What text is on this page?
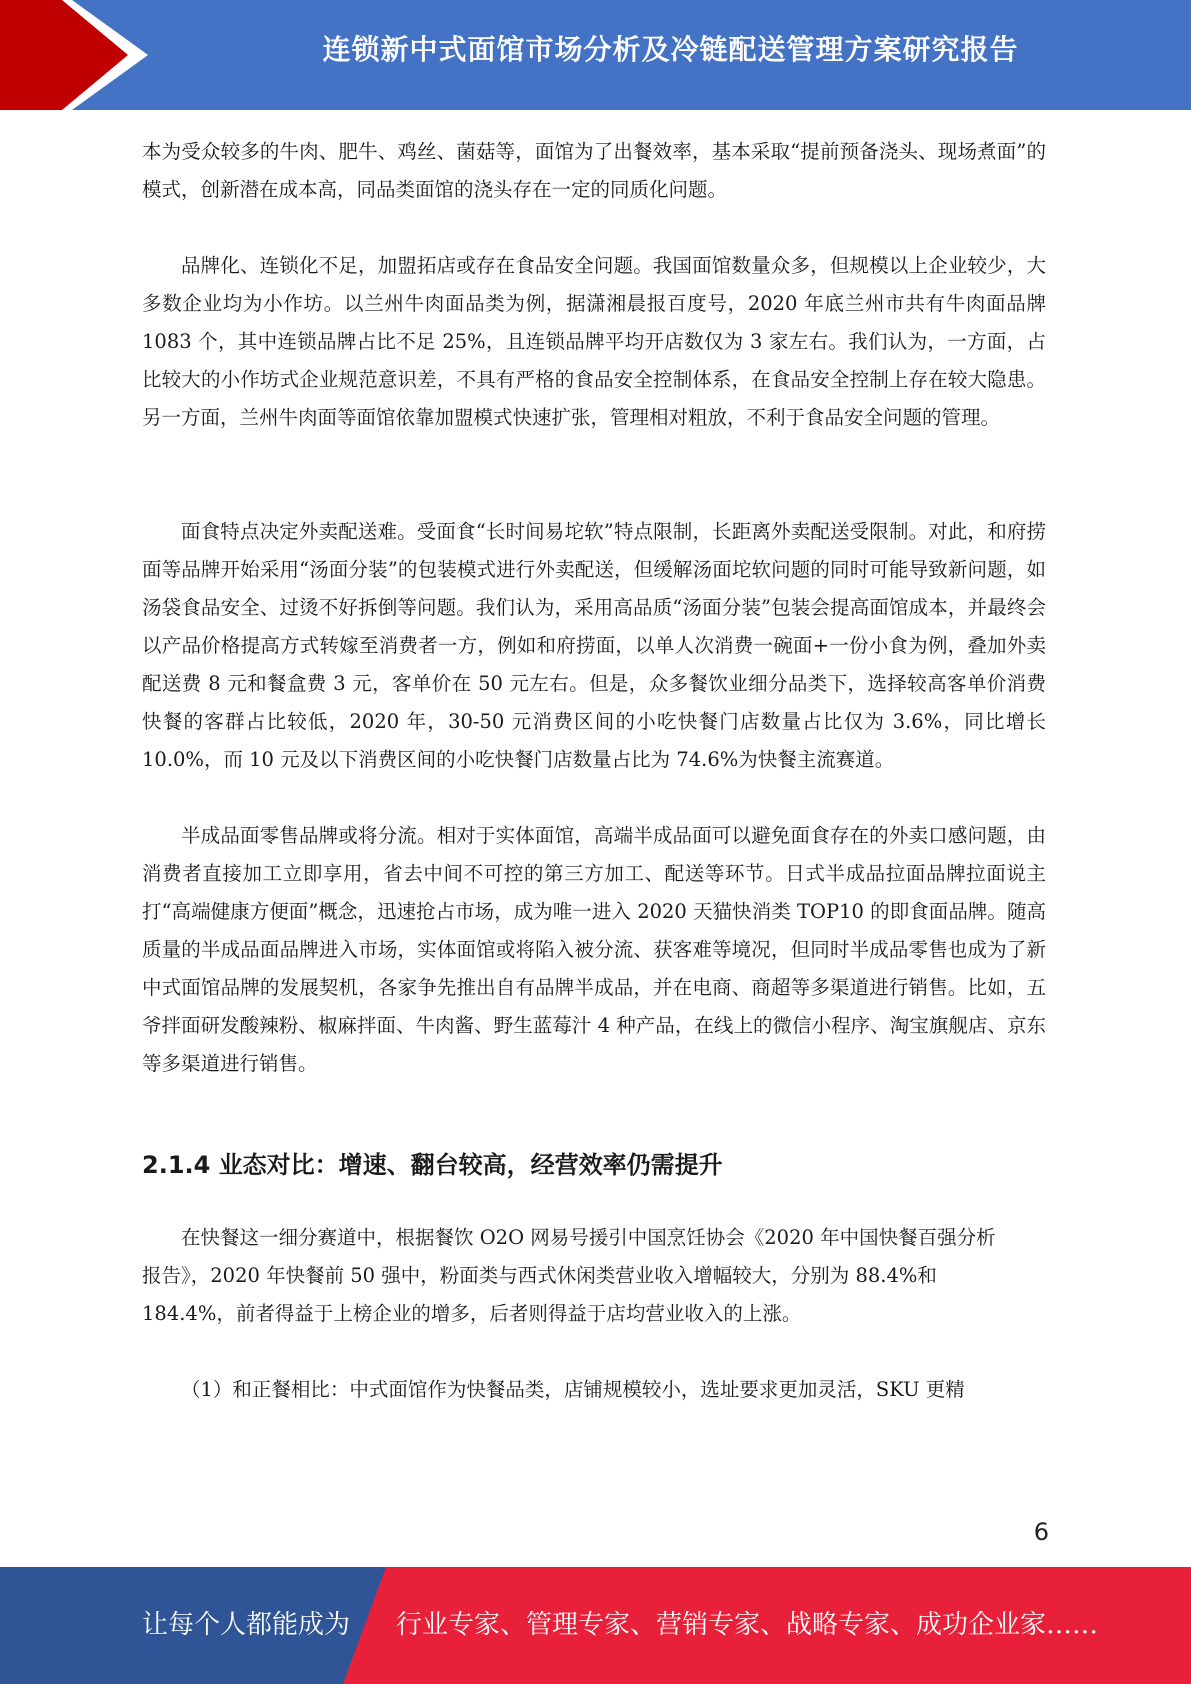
连锁新中式面馆市场分析及冷链配送管理方案研究报告

本为受众较多的牛肉、肥牛、鸡丝、菌菇等，面馆为了出餐效率，基本采取“提前预备浇头、现场煮面”的模式，创新潜在成本高，同品类面馆的浇头存在一定的同质化问题。

品牌化、连锁化不足，加盟拓店或存在食品安全问题。我国面馆数量众多，但规模以上企业较少，大多数企业均为小作坊。以兰州牛肉面品类为例，据潇湘晨报百度号，2020 年底兰州市共有牛肉面品牌 1083 个，其中连锁品牌占比不足 25%，且连锁品牌平均开店数仅为 3 家左右。我们认为，一方面，占比较大的小作坊式企业规范意识差，不具有严格的食品安全控制体系，在食品安全控制上存在较大隐患。另一方面，兰州牛肉面等面馆依靠加盟模式快速扩张，管理相对粗放，不利于食品安全问题的管理。

面食特点决定外卖配送难。受面食“长时间易坨软”特点限制，长距离外卖配送受限制。对此，和府捞面等品牌开始采用“汤面分装”的包装模式进行外卖配送，但缓解汤面坨软问题的同时可能导致新问题，如汤袋食品安全、过烫不好拆倒等问题。我们认为，采用高品质“汤面分装”包装会提高面馆成本，并最终会以产品价格提高方式转嫁至消费者一方，例如和府捞面，以单人次消费一碗面+一份小食为例，叠加外卖配送费 8 元和餐盒费 3 元，客单价在 50 元左右。但是，众多餐饮业细分品类下，选择较高客单价消费快餐的客群占比较低，2020 年，30-50 元消费区间的小吃快餐门店数量占比仅为 3.6%，同比增长 10.0%，而 10 元及以下消费区间的小吃快餐门店数量占比为 74.6%为快餐主流赛道。

半成品面零售品牌或将分流。相对于实体面馆，高端半成品面可以避免面食存在的外卖口感问题，由消费者直接加工立即享用，省去中间不可控的第三方加工、配送等环节。日式半成品拉面品牌拉面说主打“高端健康方便面”概念，迅速抢占市场，成为唯一进入 2020 天猫快消类 TOP10 的即食面品牌。随高质量的半成品面品牌进入市场，实体面馆或将陷入被分流、获客难等境况，但同时半成品零售也成为了新中式面馆品牌的发展契机，各家争先推出自有品牌半成品，并在电商、商超等多渠道进行销售。比如，五爷拌面研发酸辣粉、椒麻拌面、牛肉酱、野生蓝莓汁 4 种产品，在线上的微信小程序、淘宝旗舰店、京东等多渠道进行销售。

2.1.4 业态对比：增速、翻台较高，经营效率仍需提升
在快餐这一细分赛道中，根据餐饮 O2O 网易号援引中国烹饪协会《2020 年中国快餐百强分析
报告》，2020 年快餐前 50 强中，粉面类与西式休闲类营业收入增幅较大，分别为 88.4%和
184.4%，前者得益于上榜企业的增多，后者则得益于店均营业收入的上涨。
（1）和正餐相比：中式面馆作为快餐品类，店铺规模较小，选址要求更加灵活，SKU 更精
6
让每个人都能成为 行业专家、管理专家、营销专家、战略专家、成功企业家……
